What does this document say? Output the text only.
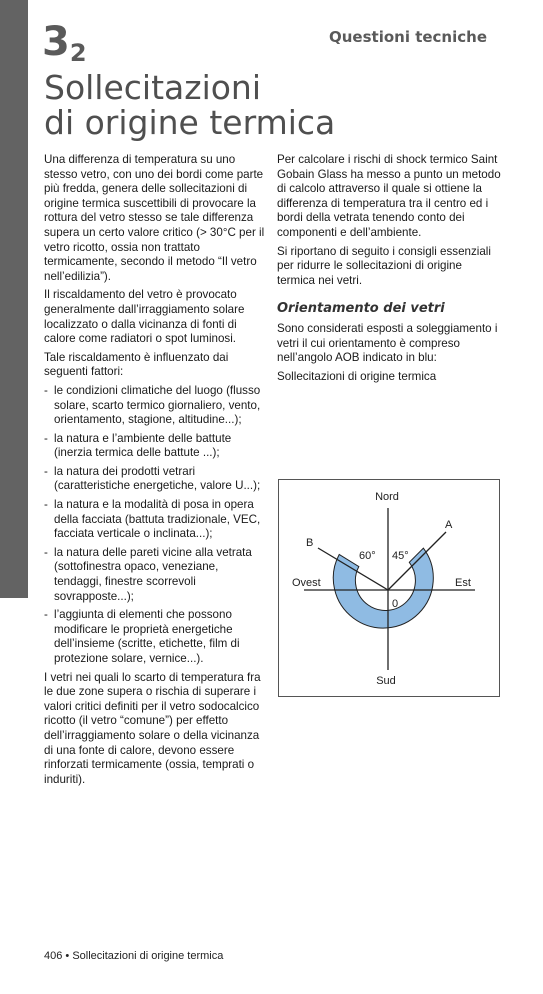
32
Questioni tecniche
Sollecitazioni
di origine termica

Una differenza di temperatura su uno stesso vetro, con uno dei bordi come parte più fredda, genera delle sollecitazioni di origine termica suscettibili di provocare la rottura del vetro stesso se tale differenza supera un certo valore critico (> 30°C per il vetro ricotto, ossia non trattato termicamente, secondo il metodo “Il vetro nell’edilizia”).

Il riscaldamento del vetro è provocato generalmente dall’irraggiamento solare localizzato o dalla vicinanza di fonti di calore come radiatori o spot luminosi.

Tale riscaldamento è influenzato dai seguenti fattori:

- le condizioni climatiche del luogo (flusso solare, scarto termico giornaliero, vento, orientamento, stagione, altitudine...);
- la natura e l’ambiente delle battute (inerzia termica delle battute ...);
- la natura dei prodotti vetrari (caratteristiche energetiche, valore U...);
- la natura e la modalità di posa in opera della facciata (battuta tradizionale, VEC, facciata verticale o inclinata...);
- la natura delle pareti vicine alla vetrata (sottofinestra opaco, veneziane, tendaggi, finestre scorrevoli sovrapposte...);
- l’aggiunta di elementi che possono modificare le proprietà energetiche dell’insieme (scritte, etichette, film di protezione solare, vernice...).

I vetri nei quali lo scarto di temperatura fra le due zone supera o rischia di superare i valori critici definiti per il vetro sodocalcico ricotto (il vetro “comune”) per effetto dell’irraggiamento solare o della vicinanza di una fonte di calore, devono essere rinforzati termicamente (ossia, temprati o induriti).

Per calcolare i rischi di shock termico Saint Gobain Glass ha messo a punto un metodo di calcolo attraverso il quale si ottiene la differenza di temperatura tra il centro ed i bordi della vetrata tenendo conto dei componenti e dell’ambiente.

Si riportano di seguito i consigli essenziali per ridurre le sollecitazioni di origine termica nei vetri.

Orientamento dei vetri

Sono considerati esposti a soleggiamento i vetri il cui orientamento è compreso nell’angolo AOB indicato in blu:

Sollecitazioni di origine termica

Nord
Sud
Ovest	Est
A
B
60° 45°
0
406 • Sollecitazioni di origine termica
